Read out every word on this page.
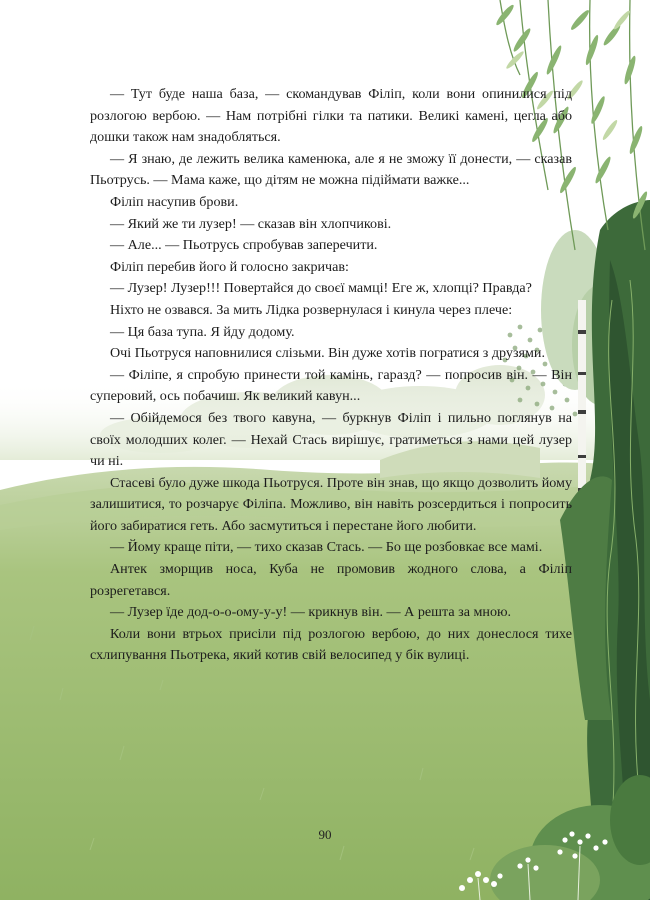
— Тут буде наша база, — скомандував Філіп, коли вони опинилися під розлогою вербою. — Нам потрібні гілки та патики. Великі камені, цегла або дошки також нам знадобляться.

— Я знаю, де лежить велика каменюка, але я не зможу її донести, — сказав Пьотрусь. — Мама каже, що дітям не можна підіймати важке...

Філіп насупив брови.

— Який же ти лузер! — сказав він хлопчикові.

— Але... — Пьотрусь спробував заперечити.

Філіп перебив його й голосно закричав:

— Лузер! Лузер!!! Повертайся до своєї мамці! Еге ж, хлопці? Правда?

Ніхто не озвався. За мить Лідка розвернулася і кинула через плече:

— Ця база тупа. Я йду додому.

Очі Пьотруся наповнилися слізьми. Він дуже хотів погратися з друзями.

— Філіпе, я спробую принести той камінь, гаразд? — попросив він. — Він суперовий, ось побачиш. Як великий кавун...

— Обійдемося без твого кавуна, — буркнув Філіп і пильно поглянув на своїх молодших колег. — Нехай Стась вирішує, гратиметься з нами цей лузер чи ні.

Стасеві було дуже шкода Пьотруся. Проте він знав, що якщо дозволить йому залишитися, то розчарує Філіпа. Можливо, він навіть розсердиться і попросить його забиратися геть. Або засмутиться і перестане його любити.

— Йому краще піти, — тихо сказав Стась. — Бо ще розбовкає все мамі.

Антек зморщив носа, Куба не промовив жодного слова, а Філіп розрегетався.

— Лузер їде дод-о-о-ому-у-у! — крикнув він. — А решта за мною.

Коли вони втрьох присіли під розлогою вербою, до них донеслося тихе схлипування Пьотрека, який котив свій велосипед у бік вулиці.

90
